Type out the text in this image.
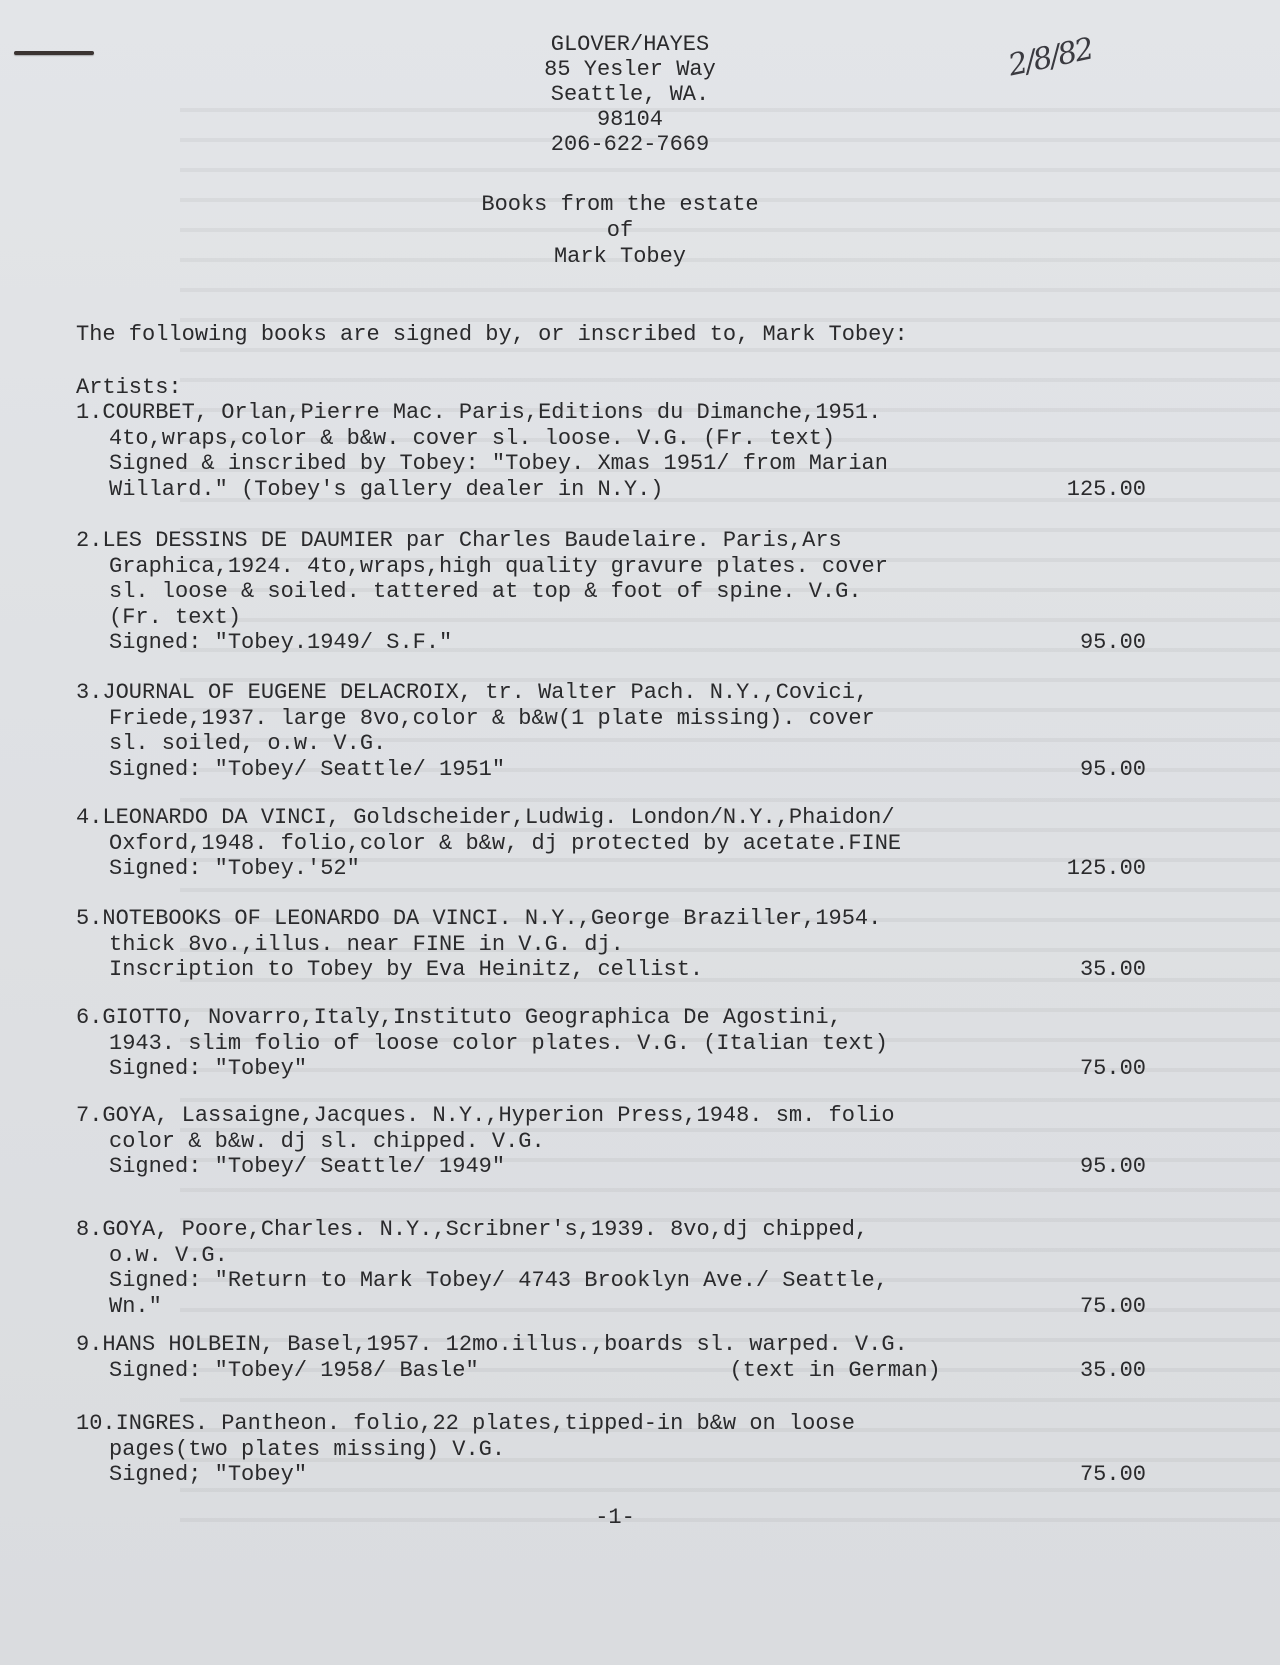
2/8/82
GLOVER/HAYES
85 Yesler Way
Seattle, WA.
98104
206-622-7669
Books from the estate
of
Mark Tobey
The following books are signed by, or inscribed to, Mark Tobey:
Artists:
1.COURBET, Orlan,Pierre Mac. Paris,Editions du Dimanche,1951.
4to,wraps,color & b&w. cover sl. loose. V.G. (Fr. text)
Signed & inscribed by Tobey: "Tobey. Xmas 1951/ from Marian
Willard." (Tobey's gallery dealer in N.Y.)	125.00
2.LES DESSINS DE DAUMIER par Charles Baudelaire. Paris,Ars
Graphica,1924. 4to,wraps,high quality gravure plates. cover
sl. loose & soiled. tattered at top & foot of spine. V.G.
(Fr. text)
Signed: "Tobey.1949/ S.F."	95.00
3.JOURNAL OF EUGENE DELACROIX, tr. Walter Pach. N.Y.,Covici,
Friede,1937. large 8vo,color & b&w(1 plate missing). cover
sl. soiled, o.w. V.G.
Signed: "Tobey/ Seattle/ 1951"	95.00
4.LEONARDO DA VINCI, Goldscheider,Ludwig. London/N.Y.,Phaidon/
Oxford,1948. folio,color & b&w, dj protected by acetate.FINE
Signed: "Tobey.'52"	125.00
5.NOTEBOOKS OF LEONARDO DA VINCI. N.Y.,George Braziller,1954.
thick 8vo.,illus. near FINE in V.G. dj.
Inscription to Tobey by Eva Heinitz, cellist.	35.00
6.GIOTTO, Novarro,Italy,Instituto Geographica De Agostini,
1943. slim folio of loose color plates. V.G. (Italian text)
Signed: "Tobey"	75.00
7.GOYA, Lassaigne,Jacques. N.Y.,Hyperion Press,1948. sm. folio
color & b&w. dj sl. chipped. V.G.
Signed: "Tobey/ Seattle/ 1949"	95.00
8.GOYA, Poore,Charles. N.Y.,Scribner's,1939. 8vo,dj chipped,
o.w. V.G.
Signed: "Return to Mark Tobey/ 4743 Brooklyn Ave./ Seattle,
Wn."	75.00
9.HANS HOLBEIN, Basel,1957. 12mo.illus.,boards sl. warped. V.G.
Signed: "Tobey/ 1958/ Basle"                   (text in German)	35.00
10.INGRES. Pantheon. folio,22 plates,tipped-in b&w on loose
pages(two plates missing) V.G.
Signed; "Tobey"	75.00
-1-
